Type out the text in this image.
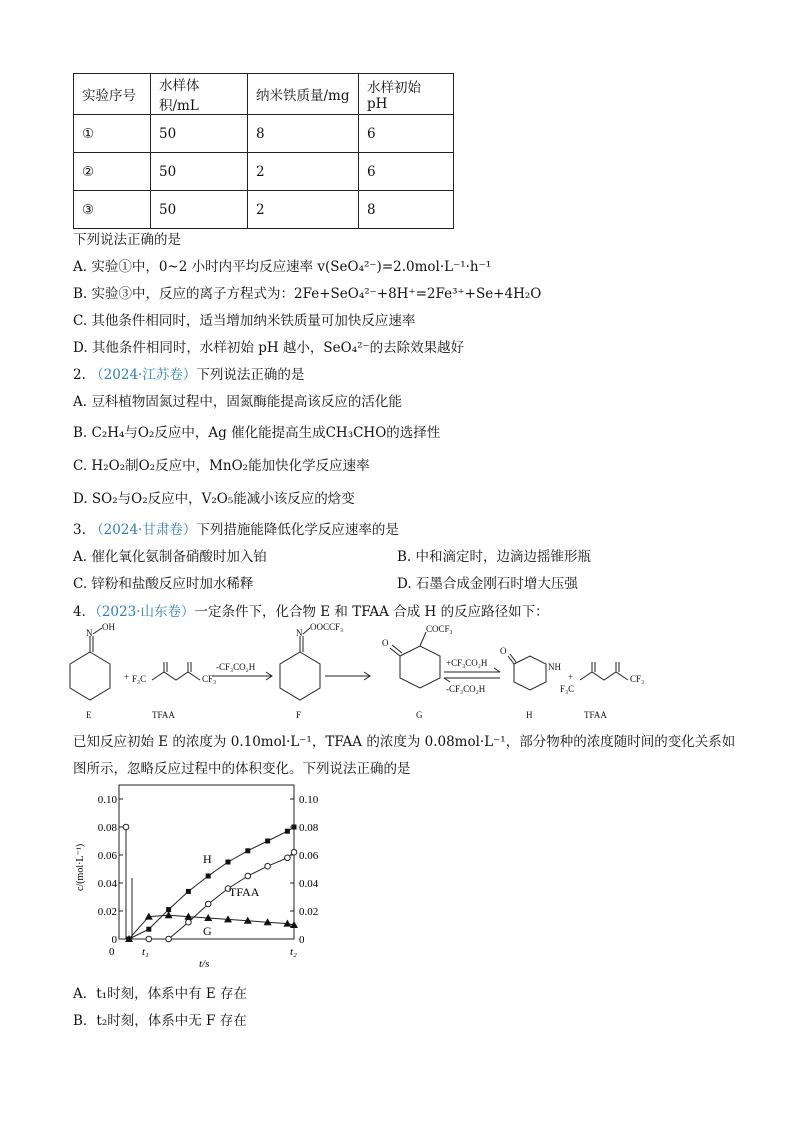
实验序号	水样体积/mL	纳米铁质量/mg	水样初始 pH
①	50	8	6
②	50	2	6
③	50	2	8
下列说法正确的是
A. 实验①中，0~2 小时内平均反应速率 v(SeO₄²⁻)=2.0mol·L⁻¹·h⁻¹
B. 实验③中，反应的离子方程式为：2Fe+SeO₄²⁻+8H⁺=2Fe³⁺+Se+4H₂O
C. 其他条件相同时，适当增加纳米铁质量可加快反应速率
D. 其他条件相同时，水样初始 pH 越小，SeO₄²⁻的去除效果越好
2. （2024·江苏卷）下列说法正确的是
A. 豆科植物固氮过程中，固氮酶能提高该反应的活化能
B. C₂H₄与O₂反应中，Ag 催化能提高生成CH₃CHO的选择性
C. H₂O₂制O₂反应中，MnO₂能加快化学反应速率
D. SO₂与O₂反应中，V₂O₅能减小该反应的焓变
3. （2024·甘肃卷）下列措施能降低化学反应速率的是
A. 催化氧化氨制备硝酸时加入铂	B. 中和滴定时，边滴边摇锥形瓶
C. 锌粉和盐酸反应时加水稀释	D. 石墨合成金刚石时增大压强
4．（2023·山东卷）一定条件下，化合物 E 和 TFAA 合成 H 的反应路径如下：
N
OH
+ F₃C	CF₃
-CF₃CO₂H
N
OOCCF₃
O
COCF₃
+CF₃CO₂H
-CF₃CO₂H
O
NH
+
F₃C
CF₃
E	TFAA	F	G	H	TFAA
已知反应初始 E 的浓度为 0.10mol·L⁻¹，TFAA 的浓度为 0.08mol·L⁻¹，部分物种的浓度随时间的变化关系如
图所示，忽略反应过程中的体积变化。下列说法正确的是
0
0.02
0.04
0.06
0.08
0.10
0
0.02
0.04
0.06
0.08
0.10
0	t₁	t₂
c/(mol·L⁻¹)
t/s
H
TFAA
G
A．t₁时刻，体系中有 E 存在
B．t₂时刻，体系中无 F 存在
